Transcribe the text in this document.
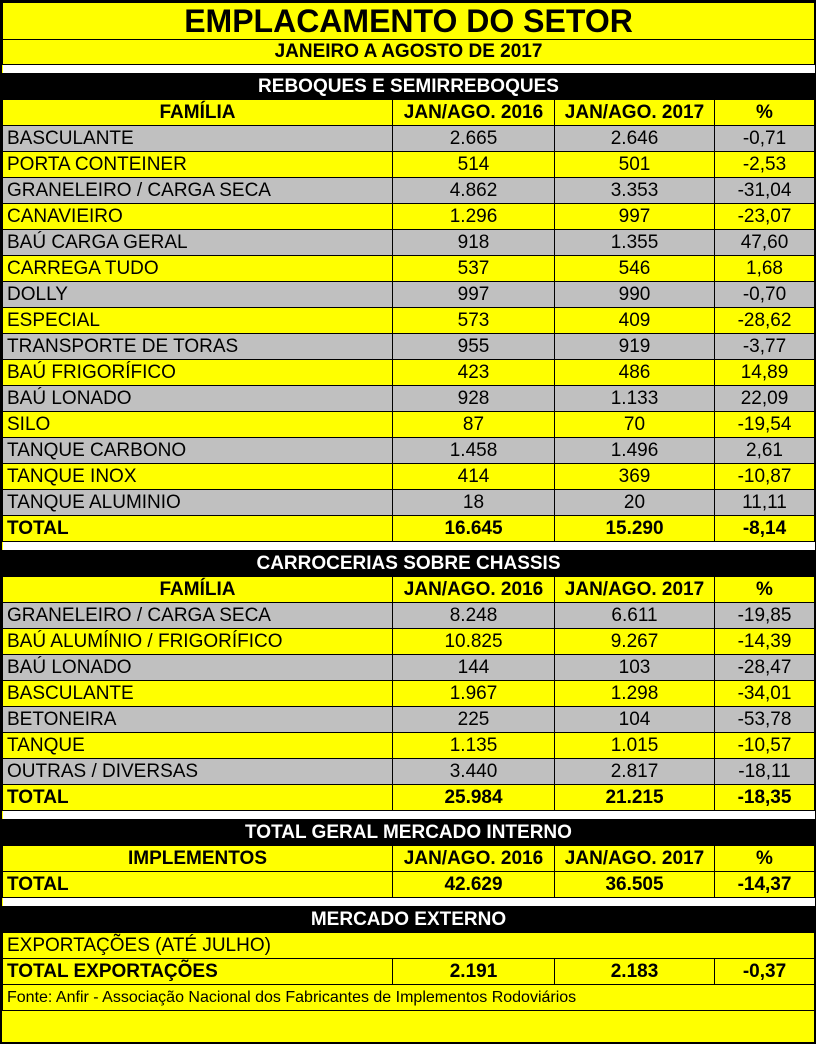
EMPLACAMENTO DO SETOR			
JANEIRO A AGOSTO DE 2017			

REBOQUES E SEMIRREBOQUES			
FAMÍLIA	JAN/AGO. 2016	JAN/AGO. 2017	%
BASCULANTE	2.665	2.646	-0,71
PORTA CONTEINER	514	501	-2,53
GRANELEIRO / CARGA SECA	4.862	3.353	-31,04
CANAVIEIRO	1.296	997	-23,07
BAÚ CARGA GERAL	918	1.355	47,60
CARREGA TUDO	537	546	1,68
DOLLY	997	990	-0,70
ESPECIAL	573	409	-28,62
TRANSPORTE DE TORAS	955	919	-3,77
BAÚ FRIGORÍFICO	423	486	14,89
BAÚ LONADO	928	1.133	22,09
SILO	87	70	-19,54
TANQUE CARBONO	1.458	1.496	2,61
TANQUE INOX	414	369	-10,87
TANQUE ALUMINIO	18	20	11,11
TOTAL	16.645	15.290	-8,14

CARROCERIAS SOBRE CHASSIS			
FAMÍLIA	JAN/AGO. 2016	JAN/AGO. 2017	%
GRANELEIRO / CARGA SECA	8.248	6.611	-19,85
BAÚ ALUMÍNIO / FRIGORÍFICO	10.825	9.267	-14,39
BAÚ LONADO	144	103	-28,47
BASCULANTE	1.967	1.298	-34,01
BETONEIRA	225	104	-53,78
TANQUE	1.135	1.015	-10,57
OUTRAS / DIVERSAS	3.440	2.817	-18,11
TOTAL	25.984	21.215	-18,35

TOTAL GERAL MERCADO INTERNO			
IMPLEMENTOS	JAN/AGO. 2016	JAN/AGO. 2017	%
TOTAL	42.629	36.505	-14,37

MERCADO EXTERNO			
EXPORTAÇÕES (ATÉ JULHO)			
TOTAL EXPORTAÇÕES	2.191	2.183	-0,37
Fonte: Anfir - Associação Nacional dos Fabricantes de Implementos Rodoviários			
